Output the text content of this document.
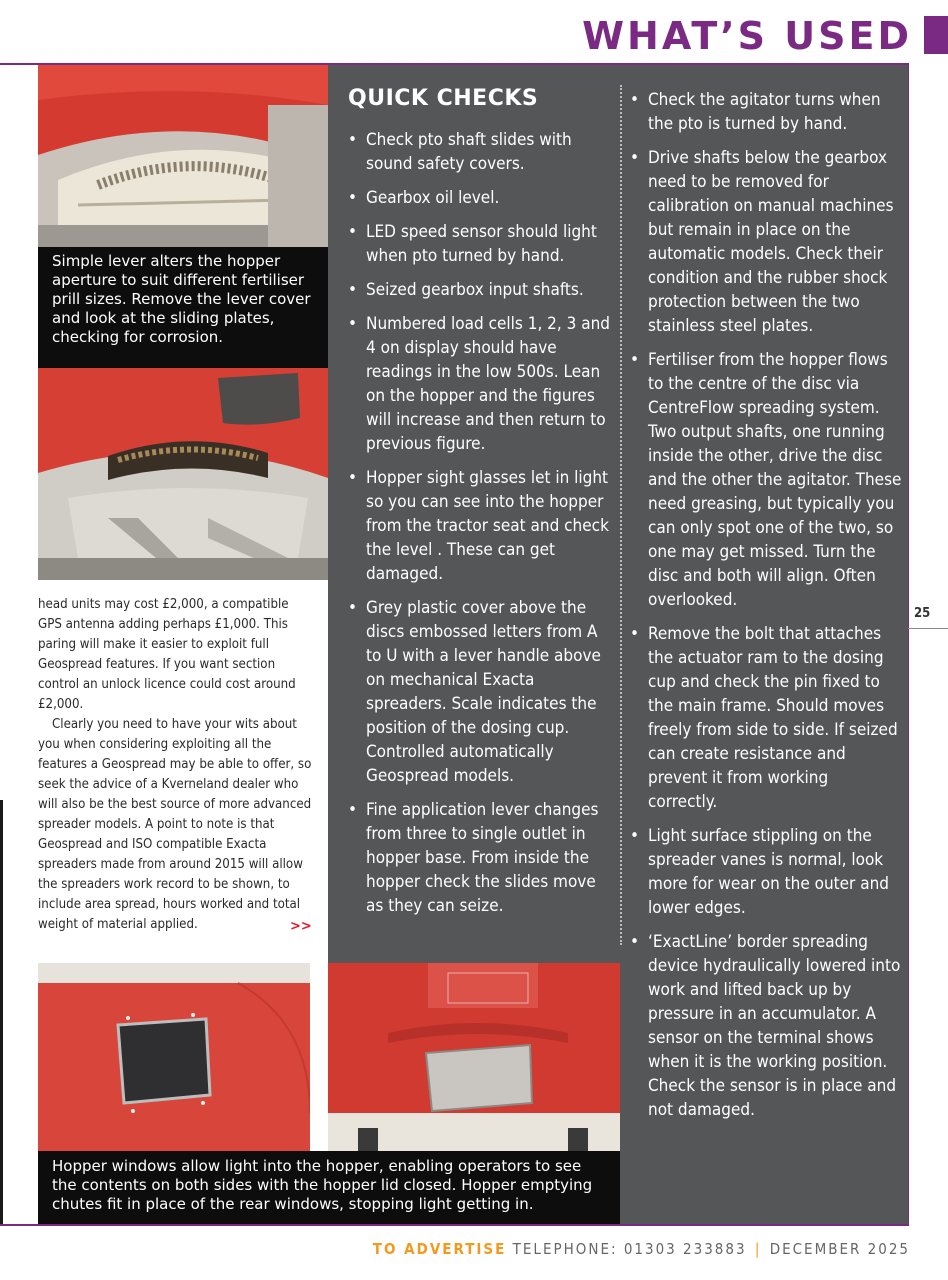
WHAT’S USED
25
Simple lever alters the hopper aperture to suit different fertiliser prill sizes. Remove the lever cover and look at the sliding plates, checking for corrosion.

head units may cost £2,000, a compatible GPS antenna adding perhaps £1,000. This paring will make it easier to exploit full Geospread features. If you want section control an unlock licence could cost around £2,000.

Clearly you need to have your wits about you when considering exploiting all the features a Geospread may be able to offer, so seek the advice of a Kverneland dealer who will also be the best source of more advanced spreader models. A point to note is that Geospread and ISO compatible Exacta spreaders made from around 2015 will allow the spreaders work record to be shown, to include area spread, hours worked and total weight of material applied.	>>
QUICK CHECKS
• Check pto shaft slides with sound safety covers.
• Gearbox oil level.
• LED speed sensor should light when pto turned by hand.
• Seized gearbox input shafts.
• Numbered load cells 1, 2, 3 and 4 on display should have readings in the low 500s. Lean on the hopper and the figures will increase and then return to previous figure.
• Hopper sight glasses let in light so you can see into the hopper from the tractor seat and check the level . These can get damaged.
• Grey plastic cover above the discs embossed letters from A to U with a lever handle above on mechanical Exacta spreaders. Scale indicates the position of the dosing cup. Controlled automatically Geospread models.
• Fine application lever changes from three to single outlet in hopper base. From inside the hopper check the slides move as they can seize.
• Check the agitator turns when the pto is turned by hand.
• Drive shafts below the gearbox need to be removed for calibration on manual machines but remain in place on the automatic models. Check their condition and the rubber shock protection between the two stainless steel plates.
• Fertiliser from the hopper flows to the centre of the disc via CentreFlow spreading system. Two output shafts, one running inside the other, drive the disc and the other the agitator. These need greasing, but typically you can only spot one of the two, so one may get missed. Turn the disc and both will align. Often overlooked.
• Remove the bolt that attaches the actuator ram to the dosing cup and check the pin fixed to the main frame. Should moves freely from side to side. If seized can create resistance and prevent it from working correctly.
• Light surface stippling on the spreader vanes is normal, look more for wear on the outer and lower edges.
• ‘ExactLine’ border spreading device hydraulically lowered into work and lifted back up by pressure in an accumulator. A sensor on the terminal shows when it is the working position. Check the sensor is in place and not damaged.
Hopper windows allow light into the hopper, enabling operators to see the contents on both sides with the hopper lid closed. Hopper emptying chutes fit in place of the rear windows, stopping light getting in.
TO ADVERTISE TELEPHONE: 01303 233883 | DECEMBER 2025
